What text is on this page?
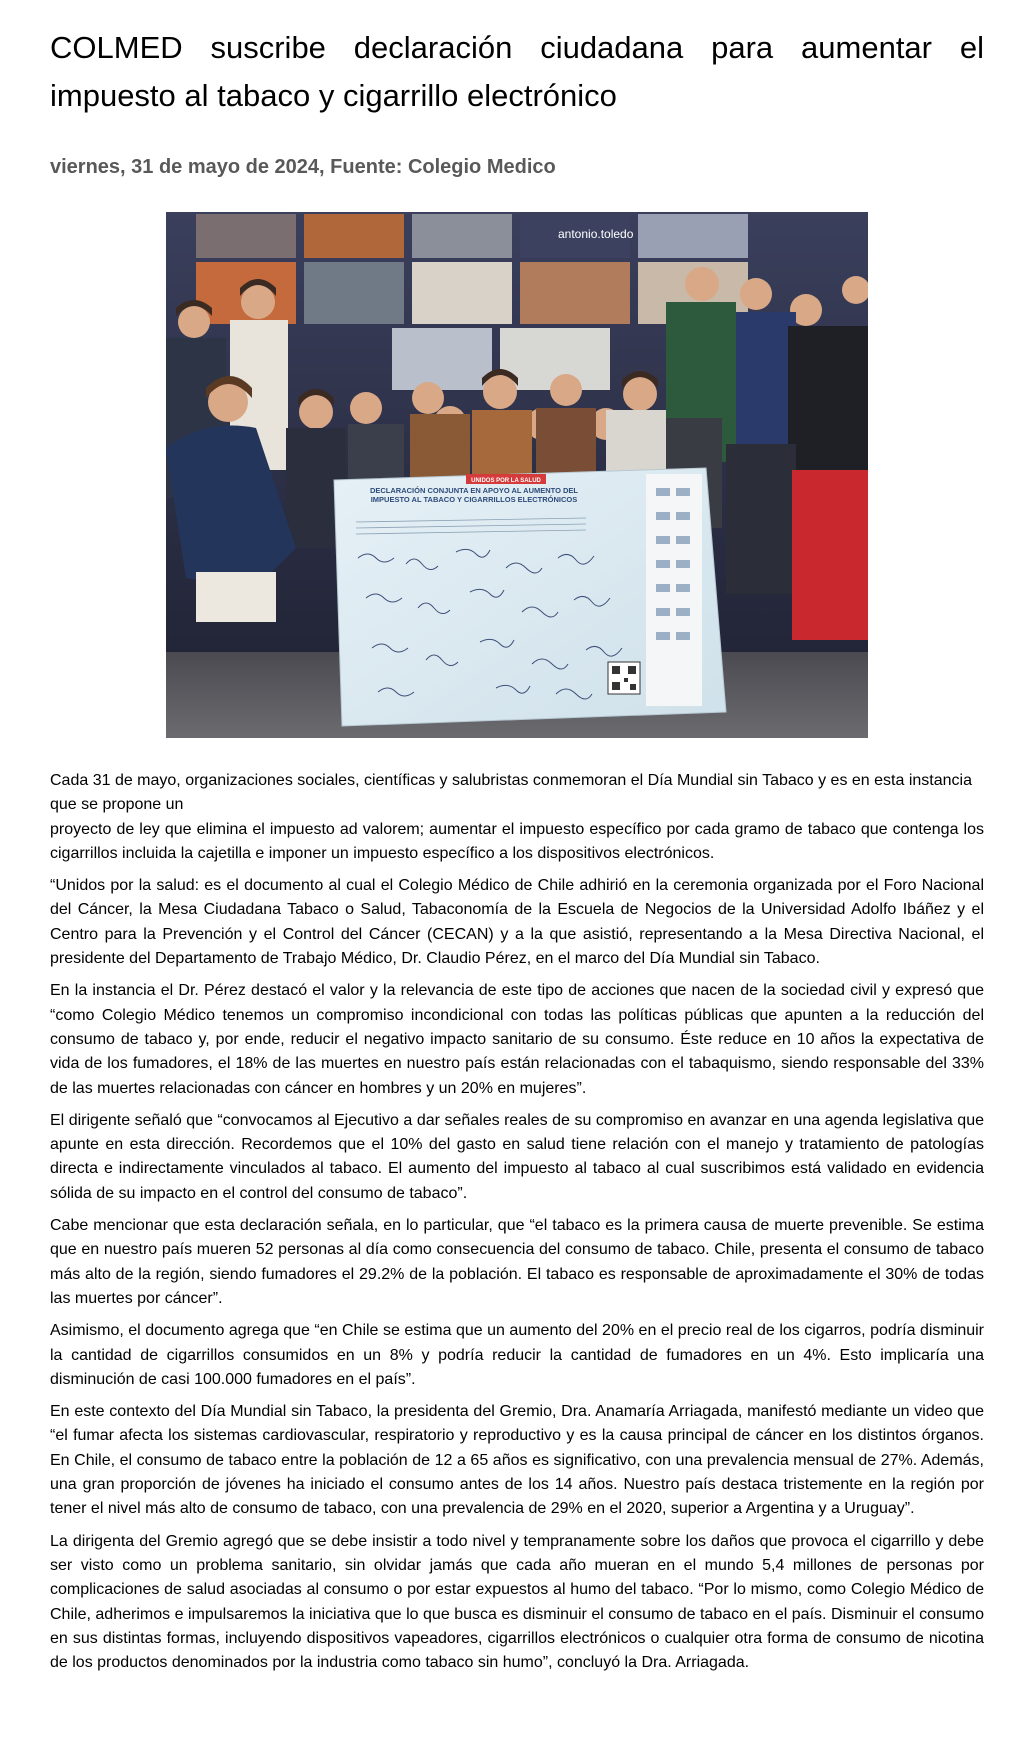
COLMED suscribe declaración ciudadana para aumentar el impuesto al tabaco y cigarrillo electrónico
viernes, 31 de mayo de 2024, Fuente: Colegio Medico
antonio.toledo
UNIDOS POR LA SALUD
DECLARACIÓN CONJUNTA EN APOYO AL AUMENTO DEL IMPUESTO AL TABACO Y CIGARRILLOS ELECTRÓNICOS

Cada 31 de mayo, organizaciones sociales, científicas y salubristas conmemoran el Día Mundial sin Tabaco y es en esta instancia que se propone un

proyecto de ley que elimina el impuesto ad valorem; aumentar el impuesto específico por cada gramo de tabaco que contenga los cigarrillos incluida la cajetilla e imponer un impuesto específico a los dispositivos electrónicos.

“Unidos por la salud: es el documento al cual el Colegio Médico de Chile adhirió en la ceremonia organizada por el Foro Nacional del Cáncer, la Mesa Ciudadana Tabaco o Salud, Tabaconomía de la Escuela de Negocios de la Universidad Adolfo Ibáñez y el Centro para la Prevención y el Control del Cáncer (CECAN) y a la que asistió, representando a la Mesa Directiva Nacional, el presidente del Departamento de Trabajo Médico, Dr. Claudio Pérez, en el marco del Día Mundial sin Tabaco.

En la instancia el Dr. Pérez destacó el valor y la relevancia de este tipo de acciones que nacen de la sociedad civil y expresó que “como Colegio Médico tenemos un compromiso incondicional con todas las políticas públicas que apunten a la reducción del consumo de tabaco y, por ende, reducir el negativo impacto sanitario de su consumo. Éste reduce en 10 años la expectativa de vida de los fumadores, el 18% de las muertes en nuestro país están relacionadas con el tabaquismo, siendo responsable del 33% de las muertes relacionadas con cáncer en hombres y un 20% en mujeres”.

El dirigente señaló que “convocamos al Ejecutivo a dar señales reales de su compromiso en avanzar en una agenda legislativa que apunte en esta dirección. Recordemos que el 10% del gasto en salud tiene relación con el manejo y tratamiento de patologías directa e indirectamente vinculados al tabaco. El aumento del impuesto al tabaco al cual suscribimos está validado en evidencia sólida de su impacto en el control del consumo de tabaco”.

Cabe mencionar que esta declaración señala, en lo particular, que “el tabaco es la primera causa de muerte prevenible. Se estima que en nuestro país mueren 52 personas al día como consecuencia del consumo de tabaco. Chile, presenta el consumo de tabaco más alto de la región, siendo fumadores el 29.2% de la población. El tabaco es responsable de aproximadamente el 30% de todas las muertes por cáncer”.

Asimismo, el documento agrega que “en Chile se estima que un aumento del 20% en el precio real de los cigarros, podría disminuir la cantidad de cigarrillos consumidos en un 8% y podría reducir la cantidad de fumadores en un 4%. Esto implicaría una disminución de casi 100.000 fumadores en el país”.

En este contexto del Día Mundial sin Tabaco, la presidenta del Gremio, Dra. Anamaría Arriagada, manifestó mediante un video que “el fumar afecta los sistemas cardiovascular, respiratorio y reproductivo y es la causa principal de cáncer en los distintos órganos. En Chile, el consumo de tabaco entre la población de 12 a 65 años es significativo, con una prevalencia mensual de 27%. Además, una gran proporción de jóvenes ha iniciado el consumo antes de los 14 años. Nuestro país destaca tristemente en la región por tener el nivel más alto de consumo de tabaco, con una prevalencia de 29% en el 2020, superior a Argentina y a Uruguay”.

La dirigenta del Gremio agregó que se debe insistir a todo nivel y tempranamente sobre los daños que provoca el cigarrillo y debe ser visto como un problema sanitario, sin olvidar jamás que cada año mueran en el mundo 5,4 millones de personas por complicaciones de salud asociadas al consumo o por estar expuestos al humo del tabaco. “Por lo mismo, como Colegio Médico de Chile, adherimos e impulsaremos la iniciativa que lo que busca es disminuir el consumo de tabaco en el país. Disminuir el consumo en sus distintas formas, incluyendo dispositivos vapeadores, cigarrillos electrónicos o cualquier otra forma de consumo de nicotina de los productos denominados por la industria como tabaco sin humo”, concluyó la Dra. Arriagada.
